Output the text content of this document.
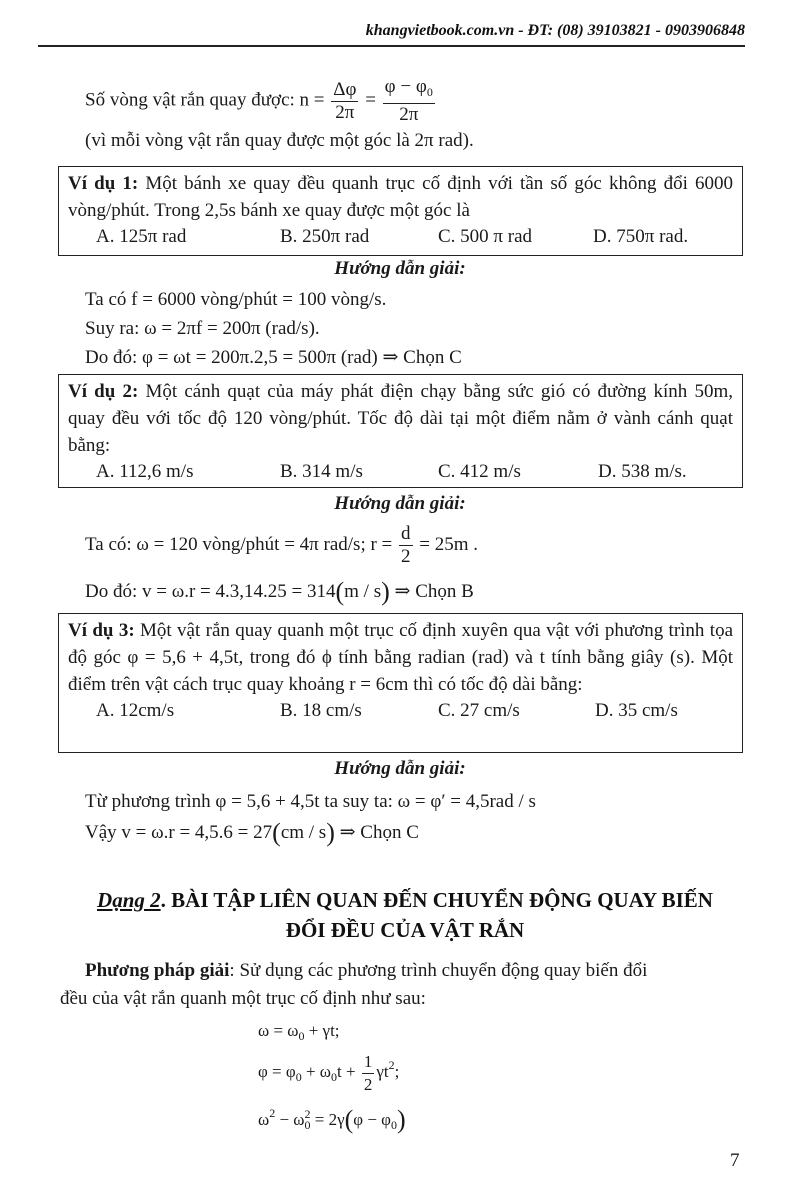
khangvietbook.com.vn - ĐT: (08) 39103821 - 0903906848
Số vòng vật rắn quay được: $n = \frac{\Delta\varphi}{2\pi} = \frac{\varphi - \varphi_0}{2\pi}$
(vì mỗi vòng vật rắn quay được một góc là 2π rad).
Ví dụ 1: Một bánh xe quay đều quanh trục cố định với tần số góc không đổi 6000 vòng/phút. Trong 2,5s bánh xe quay được một góc là
A. 125π rad	B. 250π rad	C. 500 π rad	D. 750π rad.
Hướng dẫn giải:
Ta có f = 6000 vòng/phút = 100 vòng/s.
Suy ra: ω = 2πf = 200π (rad/s).
Do đó: φ = ωt = 200π.2,5 = 500π (rad) ⇒ Chọn C
Ví dụ 2: Một cánh quạt của máy phát điện chạy bằng sức gió có đường kính 50m, quay đều với tốc độ 120 vòng/phút. Tốc độ dài tại một điểm nằm ở vành cánh quạt bằng:
A. 112,6 m/s	B. 314 m/s	C. 412 m/s	D. 538 m/s.
Hướng dẫn giải:
Ta có: ω = 120 vòng/phút = 4π rad/s; $r = \frac{d}{2} = 25m$ .
Do đó: v = ω.r = 4.3,14.25 = 314(m / s) ⇒ Chọn B
Ví dụ 3: Một vật rắn quay quanh một trục cố định xuyên qua vật với phương trình tọa độ góc φ = 5,6 + 4,5t, trong đó ϕ tính bằng radian (rad) và t tính bằng giây (s). Một điểm trên vật cách trục quay khoảng r = 6cm thì có tốc độ dài bằng:
A. 12cm/s	B. 18 cm/s	C. 27 cm/s	D. 35 cm/s
Hướng dẫn giải:
Từ phương trình φ = 5,6 + 4,5t ta suy ta: ω = φ′ = 4,5rad / s
Vậy v = ω.r = 4,5.6 = 27(cm / s) ⇒ Chọn C
Dạng 2. BÀI TẬP LIÊN QUAN ĐẾN CHUYỂN ĐỘNG QUAY BIẾN
ĐỔI ĐỀU CỦA VẬT RẮN
Phương pháp giải: Sử dụng các phương trình chuyển động quay biến đổi
đều của vật rắn quanh một trục cố định như sau:
$\omega = \omega_0 + \gamma t$;
$\varphi = \varphi_0 + \omega_0t + \frac{1}{2} \gamma t^2$;
$\omega^2 - \omega$ 2
$_0 = 2\gamma(\varphi - \varphi_0)$
7
